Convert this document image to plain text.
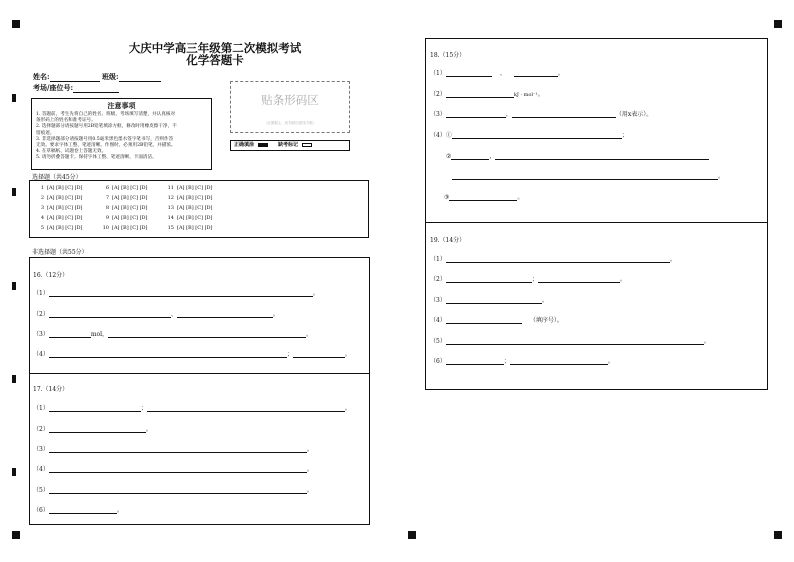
大庆中学高三年级第二次模拟考试
化学答题卡
姓名:	班级:
考场/座位号:
注意事项
1. 答题前，考生先将自己的姓名、班级、考场填写清楚，并认真核对
条形码上的姓名和准考证号。
2. 选择题部分请按题号用2B铅笔填涂方框，修改时用橡皮擦干净，不
留痕迹。
3. 非选择题部分请按题号用0.5毫米黑色墨水签字笔书写，否则作答
无效。要求字体工整、笔迹清晰。作图时，必须用2B铅笔，并描浓。
4. 在草稿纸、试题卷上答题无效。
5. 请勿折叠答题卡。保持字体工整、笔迹清晰、卡面清洁。
贴条形码区
（正面朝上，切勿贴出虚线方框）
正确填涂	缺考标记
选择题（共45分）
1 [A] [B] [C] [D]
2 [A] [B] [C] [D]
3 [A] [B] [C] [D]
4 [A] [B] [C] [D]
5 [A] [B] [C] [D]
6 [A] [B] [C] [D]
7 [A] [B] [C] [D]
8 [A] [B] [C] [D]
9 [A] [B] [C] [D]
10 [A] [B] [C] [D]
11 [A] [B] [C] [D]
12 [A] [B] [C] [D]
13 [A] [B] [C] [D]
14 [A] [B] [C] [D]
15 [A] [B] [C] [D]
非选择题（共55分）
16.（12分）
（1）	。
（2）	、	。
（3）	mol，	。
（4）	；	。
17.（14分）
（1）	；	。
（2）	。
（3）	。
（4）	。
（5）	。
（6）	。
18.（15分）
（1）	、	。
（2）	$^{kJ \cdot mol^{-1}}$。
（3）	，	（用x表示）。
（4）①	；
②	，
。
③	。
19.（14分）
（1）	。
（2）	；	。
（3）	。
（4）	（填序号）。
（5）	。
（6）	；	。
